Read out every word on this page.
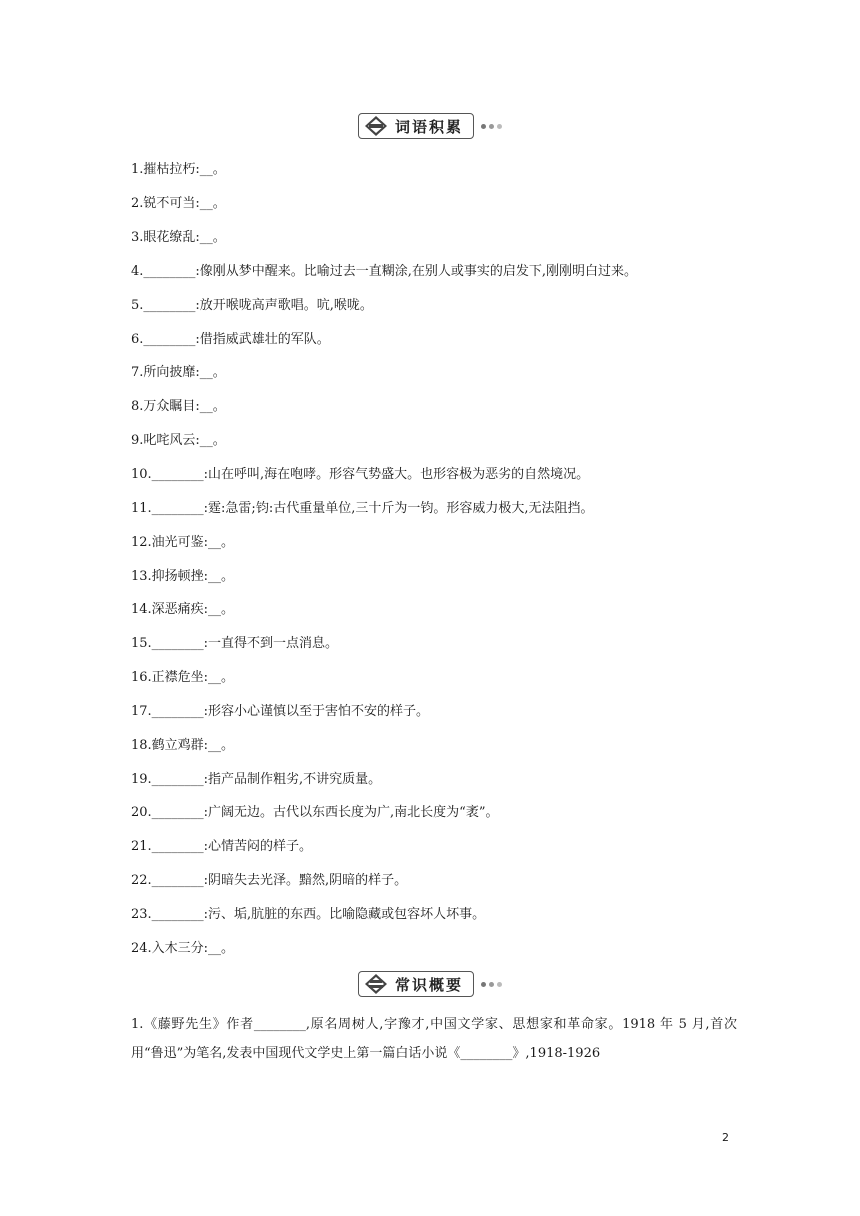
词语积累
1.摧枯拉朽:__。
2.锐不可当:__。
3.眼花缭乱:__。
4.________:像刚从梦中醒来。比喻过去一直糊涂,在别人或事实的启发下,刚刚明白过来。
5.________:放开喉咙高声歌唱。吭,喉咙。
6.________:借指威武雄壮的军队。
7.所向披靡:__。
8.万众瞩目:__。
9.叱咤风云:__。
10.________:山在呼叫,海在咆哮。形容气势盛大。也形容极为恶劣的自然境况。
11.________:霆:急雷;钧:古代重量单位,三十斤为一钧。形容威力极大,无法阻挡。
12.油光可鉴:__。
13.抑扬顿挫:__。
14.深恶痛疾:__。
15.________:一直得不到一点消息。
16.正襟危坐:__。
17.________:形容小心谨慎以至于害怕不安的样子。
18.鹤立鸡群:__。
19.________:指产品制作粗劣,不讲究质量。
20.________:广阔无边。古代以东西长度为广,南北长度为“袤”。
21.________:心情苦闷的样子。
22.________:阴暗失去光泽。黯然,阴暗的样子。
23.________:污、垢,肮脏的东西。比喻隐藏或包容坏人坏事。
24.入木三分:__。
常识概要
1.《藤野先生》作者________,原名周树人,字豫才,中国文学家、思想家和革命家。1918 年 5 月,首次用“鲁迅”为笔名,发表中国现代文学史上第一篇白话小说《________》,1918-1926
2
